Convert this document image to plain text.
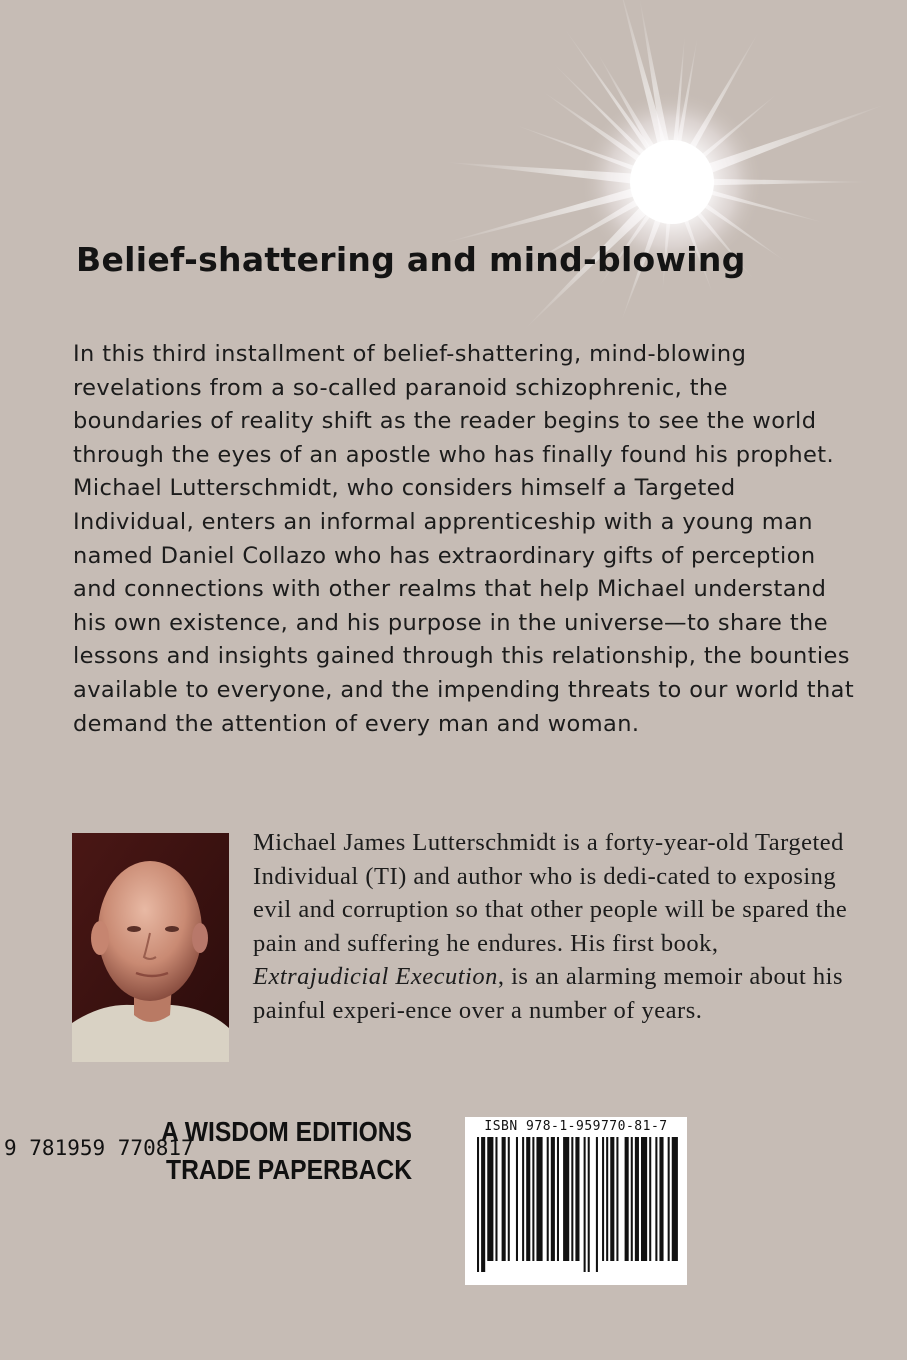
Belief-shattering and mind-blowing

In this third installment of belief-shattering, mind-blowing revelations from a so-called paranoid schizophrenic, the boundaries of reality shift as the reader begins to see the world through the eyes of an apostle who has finally found his prophet. Michael Lutterschmidt, who considers himself a Targeted Individual, enters an informal apprenticeship with a young man named Daniel Collazo who has extraordinary gifts of perception and connections with other realms that help Michael understand his own existence, and his purpose in the universe—to share the lessons and insights gained through this relationship, the bounties available to everyone, and the impending threats to our world that demand the attention of every man and woman.

Michael James Lutterschmidt is a forty-year-old Targeted Individual (TI) and author who is dedi-cated to exposing evil and corruption so that other people will be spared the pain and suffering he endures. His first book, Extrajudicial Execution, is an alarming memoir about his painful experi-ence over a number of years.

A WISDOM EDITIONS
TRADE PAPERBACK
ISBN 978-1-959770-81-7
9 781959 770817
